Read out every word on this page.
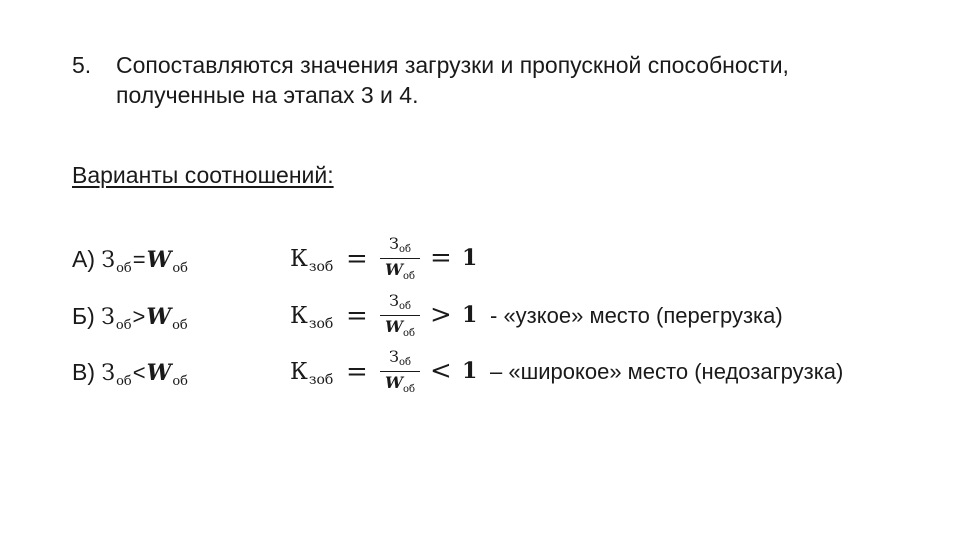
5. Сопоставляются значения загрузки и пропускной способности,
полученные на этапах 3 и 4.
Варианты соотношений:
А) $З_{об}=W_{об}$	$К_{зоб}$ =
Зоб
$W_{об}$
= 1
Б) $З_{об}>W_{об}$	$К_{зоб}$ =
Зоб
$W_{об}$
> 1 - «узкое» место (перегрузка)
В) $З_{об}<W_{об}$	$К_{зоб}$ =
Зоб
$W_{об}$
< 1 – «широкое» место (недозагрузка)
